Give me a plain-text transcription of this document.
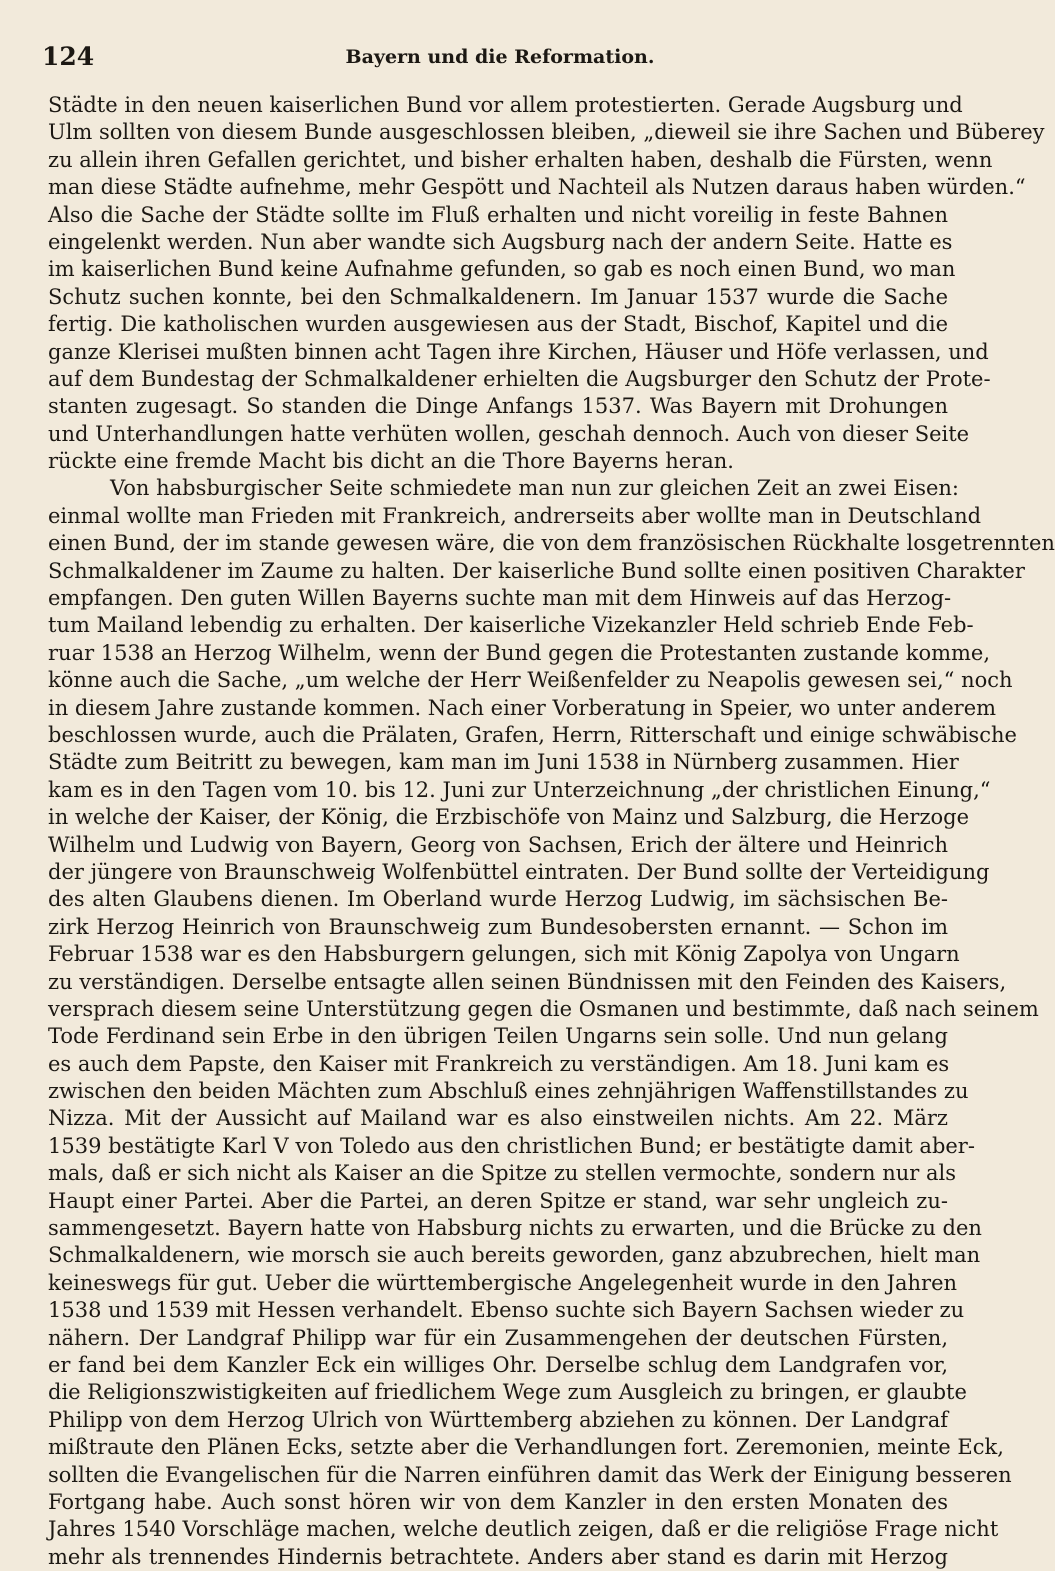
124	Bayern und die Reformation.
Städte in den neuen kaiserlichen Bund vor allem protestierten. Gerade Augsburg und
Ulm sollten von diesem Bunde ausgeschlossen bleiben, „dieweil sie ihre Sachen und Büberey
zu allein ihren Gefallen gerichtet, und bisher erhalten haben, deshalb die Fürsten, wenn
man diese Städte aufnehme, mehr Gespött und Nachteil als Nutzen daraus haben würden.“
Also die Sache der Städte sollte im Fluß erhalten und nicht voreilig in feste Bahnen
eingelenkt werden. Nun aber wandte sich Augsburg nach der andern Seite. Hatte es
im kaiserlichen Bund keine Aufnahme gefunden, so gab es noch einen Bund, wo man
Schutz suchen konnte, bei den Schmalkaldenern. Im Januar 1537 wurde die Sache
fertig. Die katholischen wurden ausgewiesen aus der Stadt, Bischof, Kapitel und die
ganze Klerisei mußten binnen acht Tagen ihre Kirchen, Häuser und Höfe verlassen, und
auf dem Bundestag der Schmalkaldener erhielten die Augsburger den Schutz der Prote-
stanten zugesagt. So standen die Dinge Anfangs 1537. Was Bayern mit Drohungen
und Unterhandlungen hatte verhüten wollen, geschah dennoch. Auch von dieser Seite
rückte eine fremde Macht bis dicht an die Thore Bayerns heran.
Von habsburgischer Seite schmiedete man nun zur gleichen Zeit an zwei Eisen:
einmal wollte man Frieden mit Frankreich, andrerseits aber wollte man in Deutschland
einen Bund, der im stande gewesen wäre, die von dem französischen Rückhalte losgetrennten
Schmalkaldener im Zaume zu halten. Der kaiserliche Bund sollte einen positiven Charakter
empfangen. Den guten Willen Bayerns suchte man mit dem Hinweis auf das Herzog-
tum Mailand lebendig zu erhalten. Der kaiserliche Vizekanzler Held schrieb Ende Feb-
ruar 1538 an Herzog Wilhelm, wenn der Bund gegen die Protestanten zustande komme,
könne auch die Sache, „um welche der Herr Weißenfelder zu Neapolis gewesen sei,“ noch
in diesem Jahre zustande kommen. Nach einer Vorberatung in Speier, wo unter anderem
beschlossen wurde, auch die Prälaten, Grafen, Herrn, Ritterschaft und einige schwäbische
Städte zum Beitritt zu bewegen, kam man im Juni 1538 in Nürnberg zusammen. Hier
kam es in den Tagen vom 10. bis 12. Juni zur Unterzeichnung „der christlichen Einung,“
in welche der Kaiser, der König, die Erzbischöfe von Mainz und Salzburg, die Herzoge
Wilhelm und Ludwig von Bayern, Georg von Sachsen, Erich der ältere und Heinrich
der jüngere von Braunschweig Wolfenbüttel eintraten. Der Bund sollte der Verteidigung
des alten Glaubens dienen. Im Oberland wurde Herzog Ludwig, im sächsischen Be-
zirk Herzog Heinrich von Braunschweig zum Bundesobersten ernannt. — Schon im
Februar 1538 war es den Habsburgern gelungen, sich mit König Zapolya von Ungarn
zu verständigen. Derselbe entsagte allen seinen Bündnissen mit den Feinden des Kaisers,
versprach diesem seine Unterstützung gegen die Osmanen und bestimmte, daß nach seinem
Tode Ferdinand sein Erbe in den übrigen Teilen Ungarns sein solle. Und nun gelang
es auch dem Papste, den Kaiser mit Frankreich zu verständigen. Am 18. Juni kam es
zwischen den beiden Mächten zum Abschluß eines zehnjährigen Waffenstillstandes zu
Nizza. Mit der Aussicht auf Mailand war es also einstweilen nichts. Am 22. März
1539 bestätigte Karl V von Toledo aus den christlichen Bund; er bestätigte damit aber-
mals, daß er sich nicht als Kaiser an die Spitze zu stellen vermochte, sondern nur als
Haupt einer Partei. Aber die Partei, an deren Spitze er stand, war sehr ungleich zu-
sammengesetzt. Bayern hatte von Habsburg nichts zu erwarten, und die Brücke zu den
Schmalkaldenern, wie morsch sie auch bereits geworden, ganz abzubrechen, hielt man
keineswegs für gut. Ueber die württembergische Angelegenheit wurde in den Jahren
1538 und 1539 mit Hessen verhandelt. Ebenso suchte sich Bayern Sachsen wieder zu
nähern. Der Landgraf Philipp war für ein Zusammengehen der deutschen Fürsten,
er fand bei dem Kanzler Eck ein williges Ohr. Derselbe schlug dem Landgrafen vor,
die Religionszwistigkeiten auf friedlichem Wege zum Ausgleich zu bringen, er glaubte
Philipp von dem Herzog Ulrich von Württemberg abziehen zu können. Der Landgraf
mißtraute den Plänen Ecks, setzte aber die Verhandlungen fort. Zeremonien, meinte Eck,
sollten die Evangelischen für die Narren einführen damit das Werk der Einigung besseren
Fortgang habe. Auch sonst hören wir von dem Kanzler in den ersten Monaten des
Jahres 1540 Vorschläge machen, welche deutlich zeigen, daß er die religiöse Frage nicht
mehr als trennendes Hindernis betrachtete. Anders aber stand es darin mit Herzog
